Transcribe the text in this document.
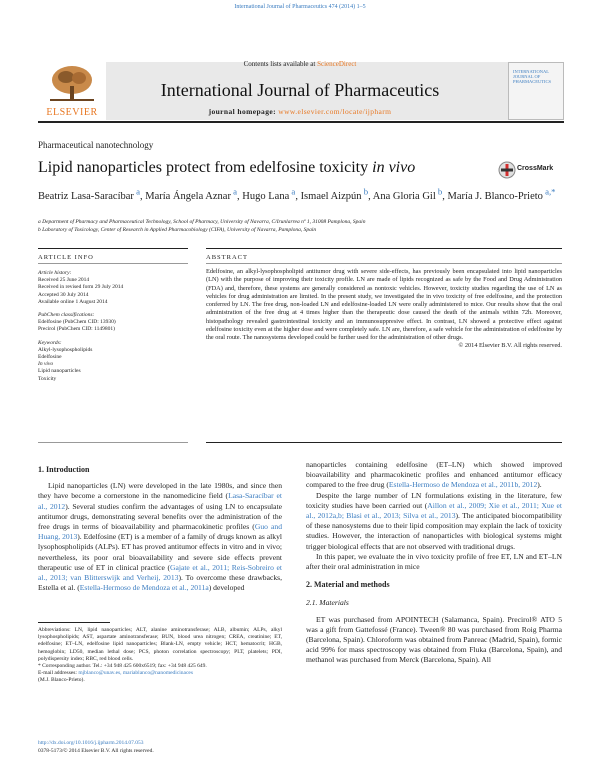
International Journal of Pharmaceutics 474 (2014) 1–5
ELSEVIER
Contents lists available at ScienceDirect
International Journal of Pharmaceutics
journal homepage: www.elsevier.com/locate/ijpharm
INTERNATIONAL JOURNAL OF PHARMACEUTICS
Pharmaceutical nanotechnology
Lipid nanoparticles protect from edelfosine toxicity in vivo	CrossMark
Beatriz Lasa-Saracíbar $^a$, María Ángela Aznar $^a$, Hugo Lana $^a$, Ismael Aizpún $^b$, Ana Gloria Gil $^b$, María J. Blanco-Prieto $^{a,*}$
a Department of Pharmacy and Pharmaceutical Technology, School of Pharmacy, University of Navarra, C/Irunlarrea nº 1, 31008 Pamplona, Spain
b Laboratory of Toxicology, Center of Research in Applied Pharmacobiology (CIFA), University of Navarra, Pamplona, Spain
ARTICLE INFO	ABSTRACT
Article history:
Received 25 June 2014
Received in revised form 29 July 2014
Accepted 30 July 2014
Available online 1 August 2014
PubChem classifications:
Edelfosine (PubChem CID: 13930)
Precirol (PubChem CID: 1149801)
Keywords:
Alkyl-lysophospholipids
Edelfosine
In vivo
Lipid nanoparticles
Toxicity
Edelfosine, an alkyl-lysophospholipid antitumor drug with severe side-effects, has previously been encapsulated into lipid nanoparticles (LN) with the purpose of improving their toxicity profile. LN are made of lipids recognized as safe by the Food and Drug Administration (FDA) and, therefore, these systems are generally considered as nontoxic vehicles. However, toxicity studies regarding the use of LN as vehicles for drug administration are limited. In the present study, we investigated the in vivo toxicity of free edelfosine, and the protection conferred by LN. The free drug, non-loaded LN and edelfosine-loaded LN were orally administered to mice. Our results show that the oral administration of the free drug at 4 times higher than the therapeutic dose caused the death of the animals within 72h. Moreover, histopathology revealed gastrointestinal toxicity and an immunosuppresive effect. In contrast, LN showed a protective effect against edelfosine toxicity even at the higher dose and were completely safe. LN are, therefore, a safe vehicle for the administration of edelfosine by the oral route. The nanosystems developed could be further used for the administration of other drugs.
© 2014 Elsevier B.V. All rights reserved.
1. Introduction

Lipid nanoparticles (LN) were developed in the late 1980s, and since then they have become a cornerstone in the nanomedicine field (Lasa-Saracíbar et al., 2012). Several studies confirm the advantages of using LN to encapsulate antitumor drugs, demonstrating several benefits over the administration of the free drugs in terms of bioavailability and pharmacokinetic profiles (Guo and Huang, 2013). Edelfosine (ET) is a member of a family of drugs known as alkyl lysophospholipids (ALPs). ET has proved antitumor effects in vitro and in vivo; nevertheless, its poor oral bioavailability and severe side effects prevent therapeutic use of ET in clinical practice (Gajate et al., 2011; Reis-Sobreiro et al., 2013; van Blitterswijk and Verheij, 2013). To overcome these drawbacks, Estella et al. (Estella-Hermoso de Mendoza et al., 2011a) developed

nanoparticles containing edelfosine (ET–LN) which showed improved bioavailability and pharmacokinetic profiles and enhanced antitumor efficacy compared to the free drug (Estella-Hermoso de Mendoza et al., 2011b, 2012).

Despite the large number of LN formulations existing in the literature, few toxicity studies have been carried out (Aillon et al., 2009; Xie et al., 2011; Xue et al., 2012a,b; Blasi et al., 2013; Silva et al., 2013). The anticipated biocompatibility of these nanosystems due to their lipid composition may explain the lack of toxicity studies. However, the interaction of nanoparticles with biological systems might trigger biological effects that are not observed with traditional drugs.

In this paper, we evaluate the in vivo toxicity profile of free ET, LN and ET–LN after their oral administration in mice

2. Material and methods
2.1. Materials

ET was purchased from APOINTECH (Salamanca, Spain). Precirol® ATO 5 was a gift from Gattefossé (France). Tween® 80 was purchased from Roig Pharma (Barcelona, Spain). Chloroform was obtained from Panreac (Madrid, Spain), formic acid 99% for mass spectroscopy was obtained from Fluka (Barcelona, Spain), and methanol was purchased from Merck (Barcelona, Spain). All

Abbreviations: LN, lipid nanoparticles; ALT, alanine aminotransferase; ALB, albumin; ALPs, alkyl lysophospholipids; AST, aspartate aminotransferase; BUN, blood urea nitrogen; CREA, creatinine; ET, edelfosine; ET–LN, edelfosine lipid nanoparticles; Blank-LN, empty vehicle; HCT, hematocrit; HGB, hemoglobin; LD50, median lethal dose; PCS, photon correlation spectroscopy; PLT, platelets; PDI, polydispersity index; RBC, red blood cells.
* Corresponding author. Tel.: +34 948 425 600x6519; fax: +34 948 425 649.
E-mail addresses: mjblanco@unav.es, mariablanco@nanomedicinaces
(M.J. Blanco-Prieto).
http://dx.doi.org/10.1016/j.ijpharm.2014.07.053
0378-5173/© 2014 Elsevier B.V. All rights reserved.
